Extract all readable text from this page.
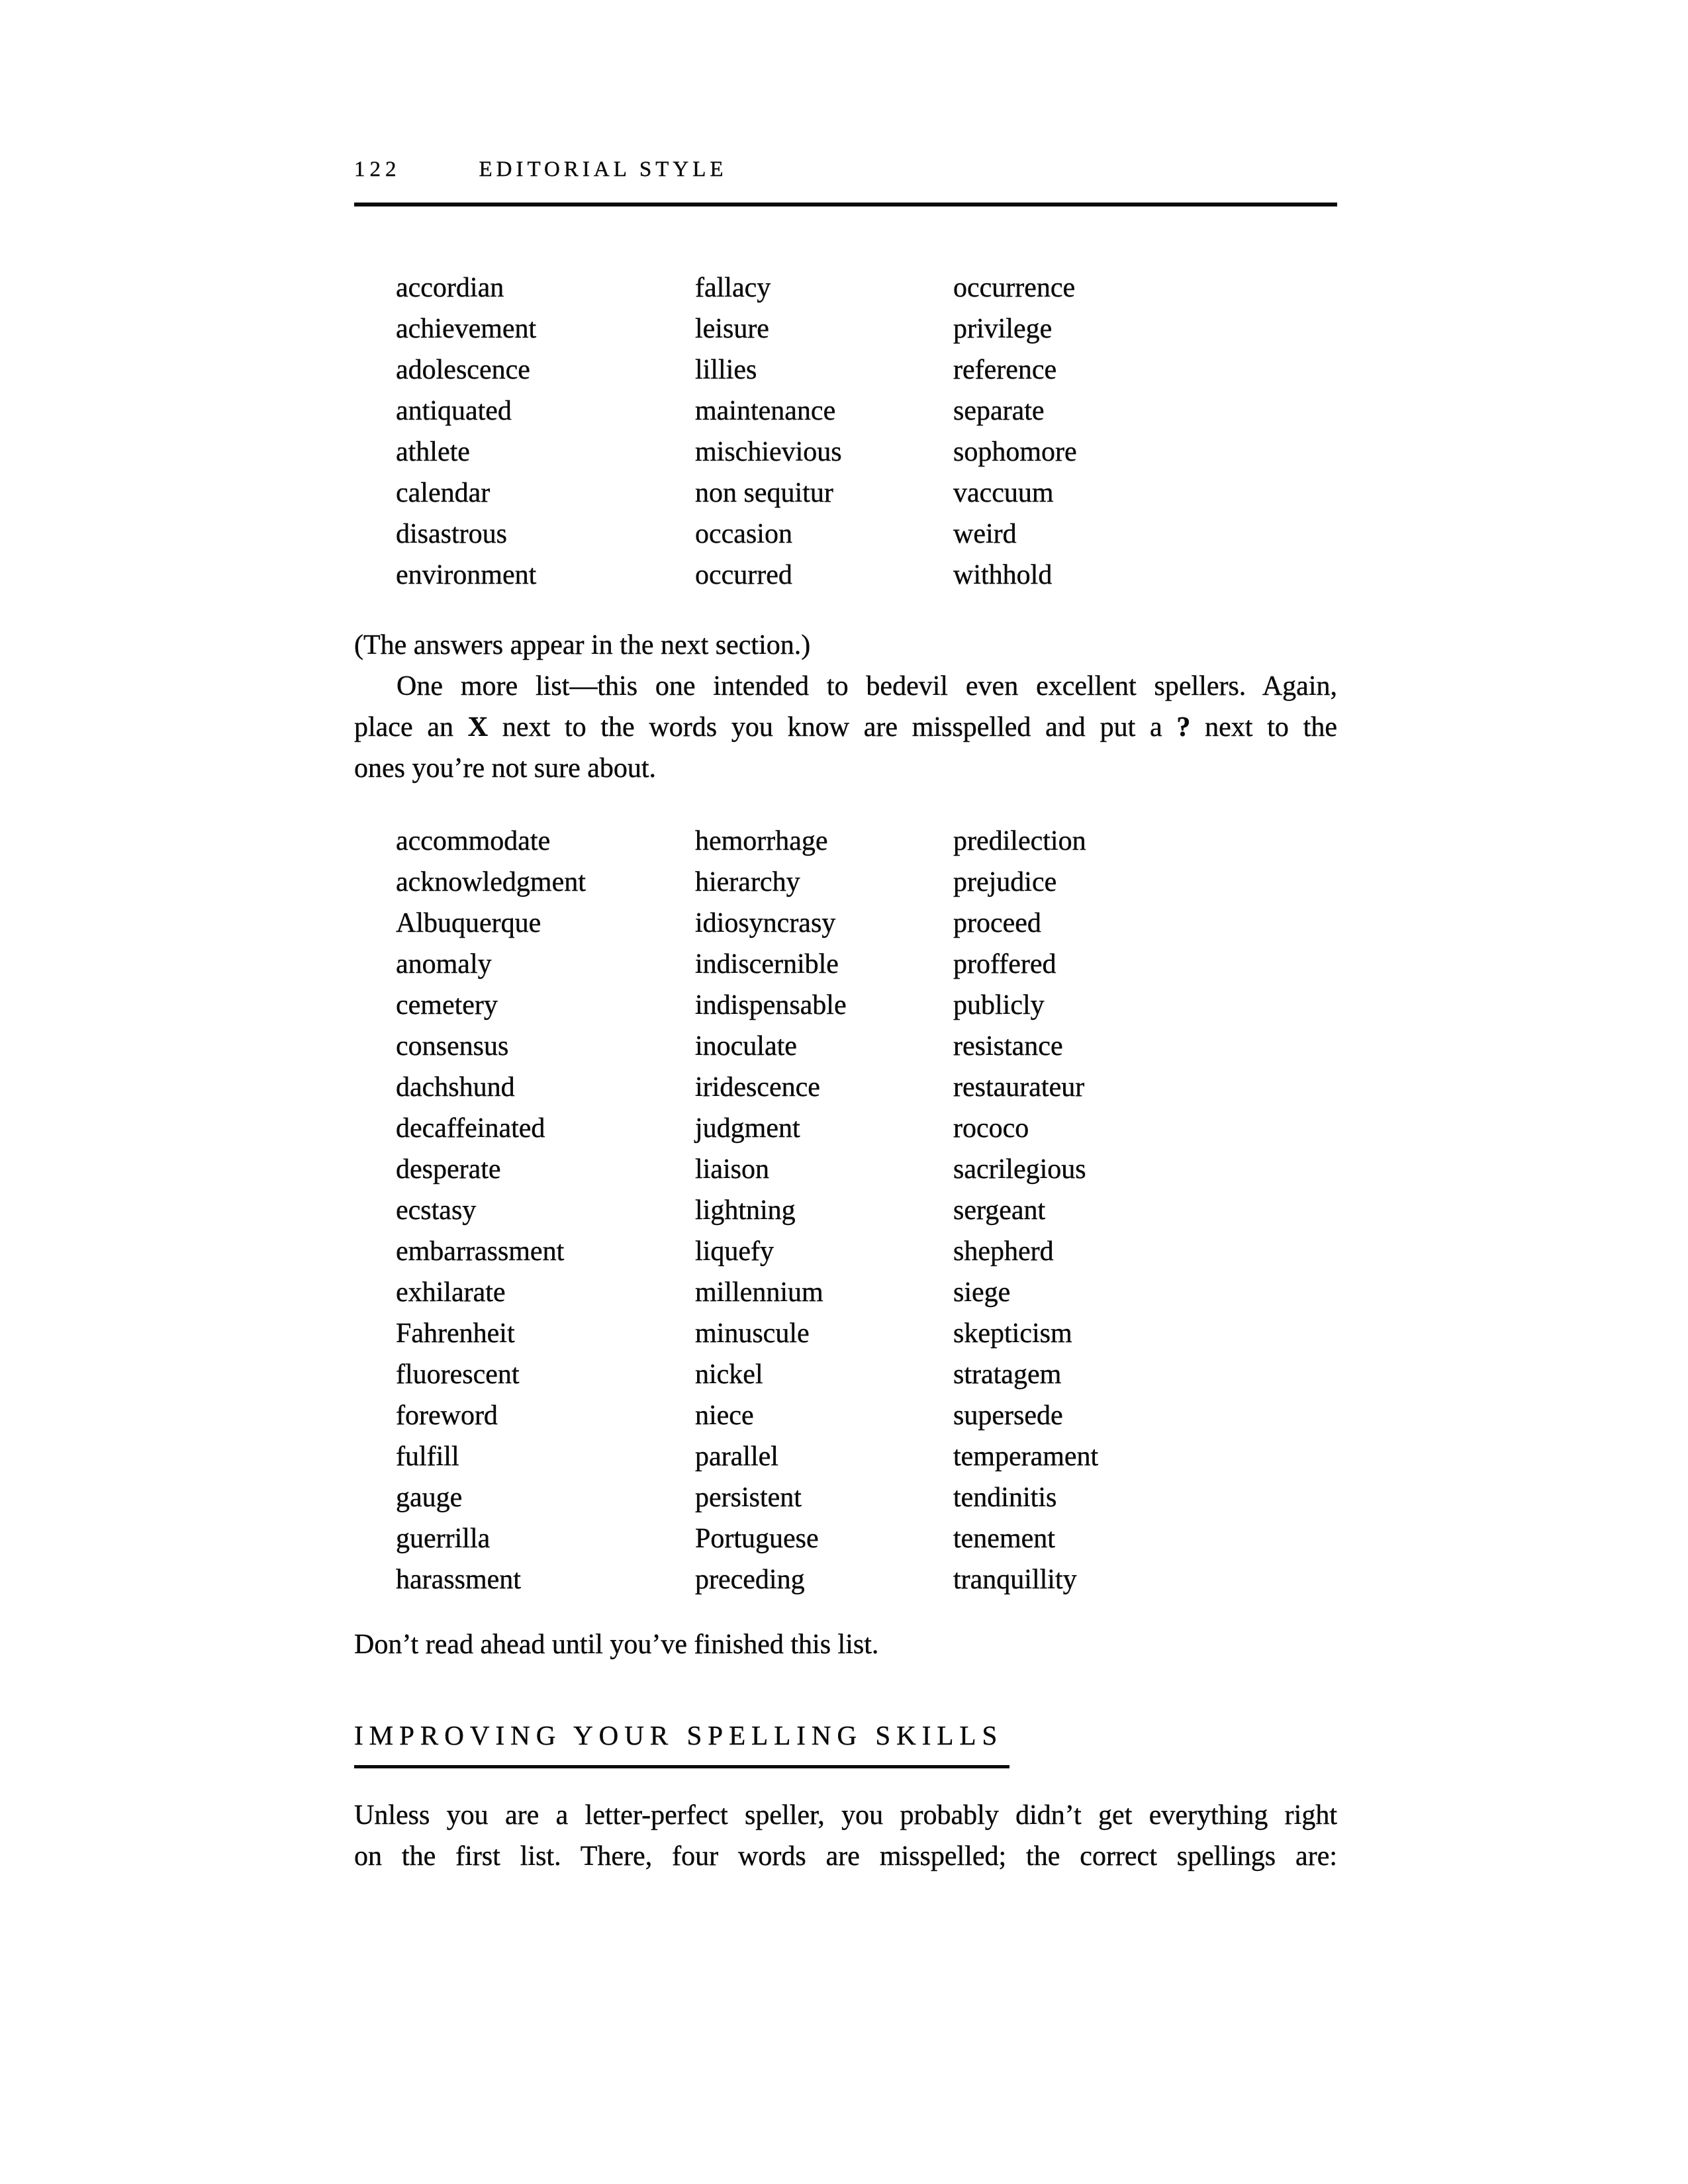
122	EDITORIAL STYLE
accordian
achievement
adolescence
antiquated
athlete
calendar
disastrous
environment
fallacy
leisure
lillies
maintenance
mischievious
non sequitur
occasion
occurred
occurrence
privilege
reference
separate
sophomore
vaccuum
weird
withhold
(The answers appear in the next section.)
One more list—this one intended to bedevil even excellent spellers. Again,
place an X next to the words you know are misspelled and put a ? next to the
ones you’re not sure about.
accommodate
acknowledgment
Albuquerque
anomaly
cemetery
consensus
dachshund
decaffeinated
desperate
ecstasy
embarrassment
exhilarate
Fahrenheit
fluorescent
foreword
fulfill
gauge
guerrilla
harassment
hemorrhage
hierarchy
idiosyncrasy
indiscernible
indispensable
inoculate
iridescence
judgment
liaison
lightning
liquefy
millennium
minuscule
nickel
niece
parallel
persistent
Portuguese
preceding
predilection
prejudice
proceed
proffered
publicly
resistance
restaurateur
rococo
sacrilegious
sergeant
shepherd
siege
skepticism
stratagem
supersede
temperament
tendinitis
tenement
tranquillity
Don’t read ahead until you’ve finished this list.
IMPROVING YOUR SPELLING SKILLS
Unless you are a letter-perfect speller, you probably didn’t get everything right
on the first list. There, four words are misspelled; the correct spellings are:
